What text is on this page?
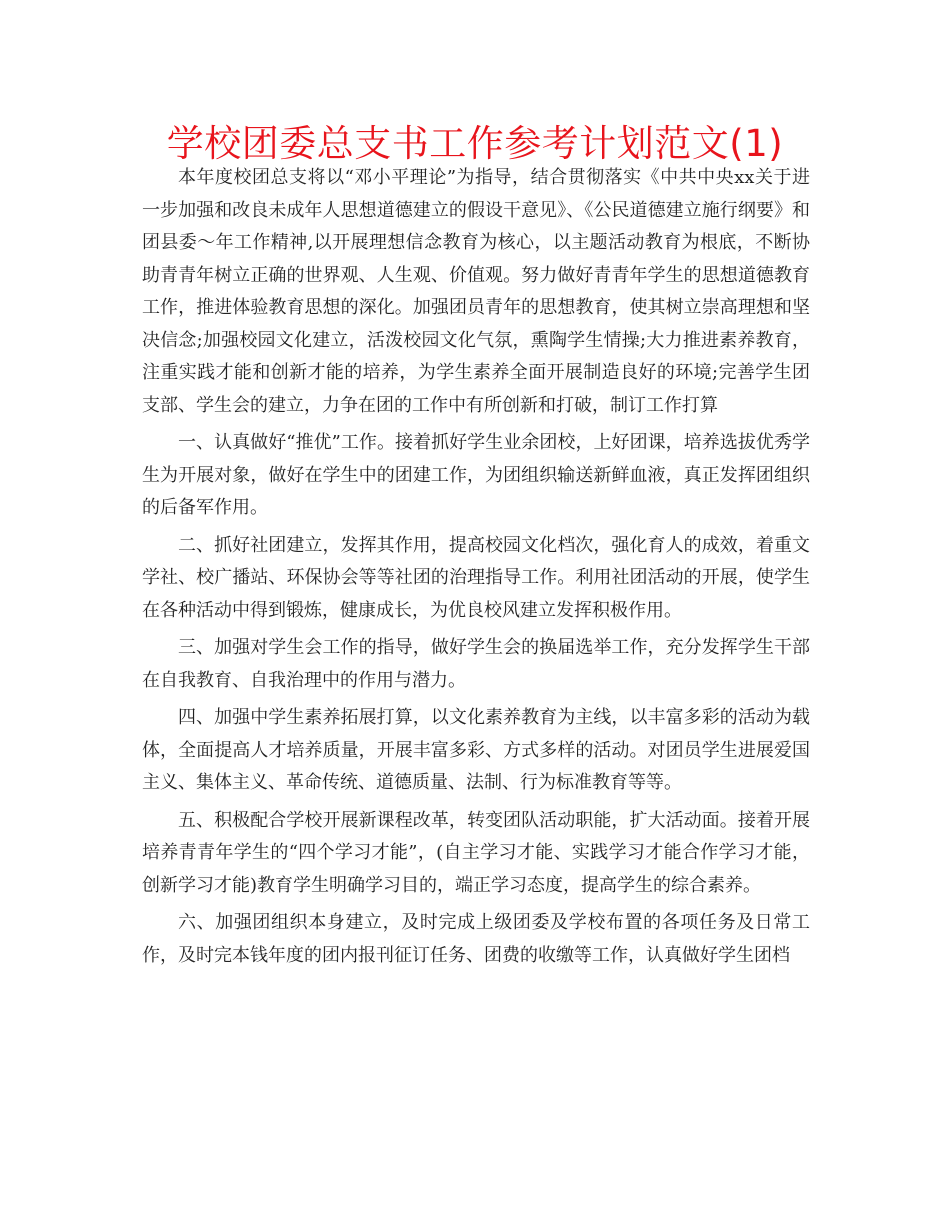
学校团委总支书工作参考计划范文(1)

本年度校团总支将以“邓小平理论”为指导，结合贯彻落实《中共中央xx关于进一步加强和改良未成年人思想道德建立的假设干意见》、《公民道德建立施行纲要》和团县委～年工作精神,以开展理想信念教育为核心，以主题活动教育为根底，不断协助青青年树立正确的世界观、人生观、价值观。努力做好青青年学生的思想道德教育工作，推进体验教育思想的深化。加强团员青年的思想教育，使其树立崇高理想和坚决信念;加强校园文化建立，活泼校园文化气氛，熏陶学生情操;大力推进素养教育，注重实践才能和创新才能的培养，为学生素养全面开展制造良好的环境;完善学生团支部、学生会的建立，力争在团的工作中有所创新和打破，制订工作打算

一、认真做好“推优”工作。接着抓好学生业余团校，上好团课，培养选拔优秀学生为开展对象，做好在学生中的团建工作，为团组织输送新鲜血液，真正发挥团组织的后备军作用。

二、抓好社团建立，发挥其作用，提高校园文化档次，强化育人的成效，着重文学社、校广播站、环保协会等等社团的治理指导工作。利用社团活动的开展，使学生在各种活动中得到锻炼，健康成长，为优良校风建立发挥积极作用。

三、加强对学生会工作的指导，做好学生会的换届选举工作，充分发挥学生干部在自我教育、自我治理中的作用与潜力。

四、加强中学生素养拓展打算，以文化素养教育为主线，以丰富多彩的活动为载体，全面提高人才培养质量，开展丰富多彩、方式多样的活动。对团员学生进展爱国主义、集体主义、革命传统、道德质量、法制、行为标准教育等等。

五、积极配合学校开展新课程改革，转变团队活动职能，扩大活动面。接着开展培养青青年学生的“四个学习才能”，(自主学习才能、实践学习才能合作学习才能，创新学习才能)教育学生明确学习目的，端正学习态度，提高学生的综合素养。

六、加强团组织本身建立，及时完成上级团委及学校布置的各项任务及日常工作，及时完本钱年度的团内报刊征订任务、团费的收缴等工作，认真做好学生团档
